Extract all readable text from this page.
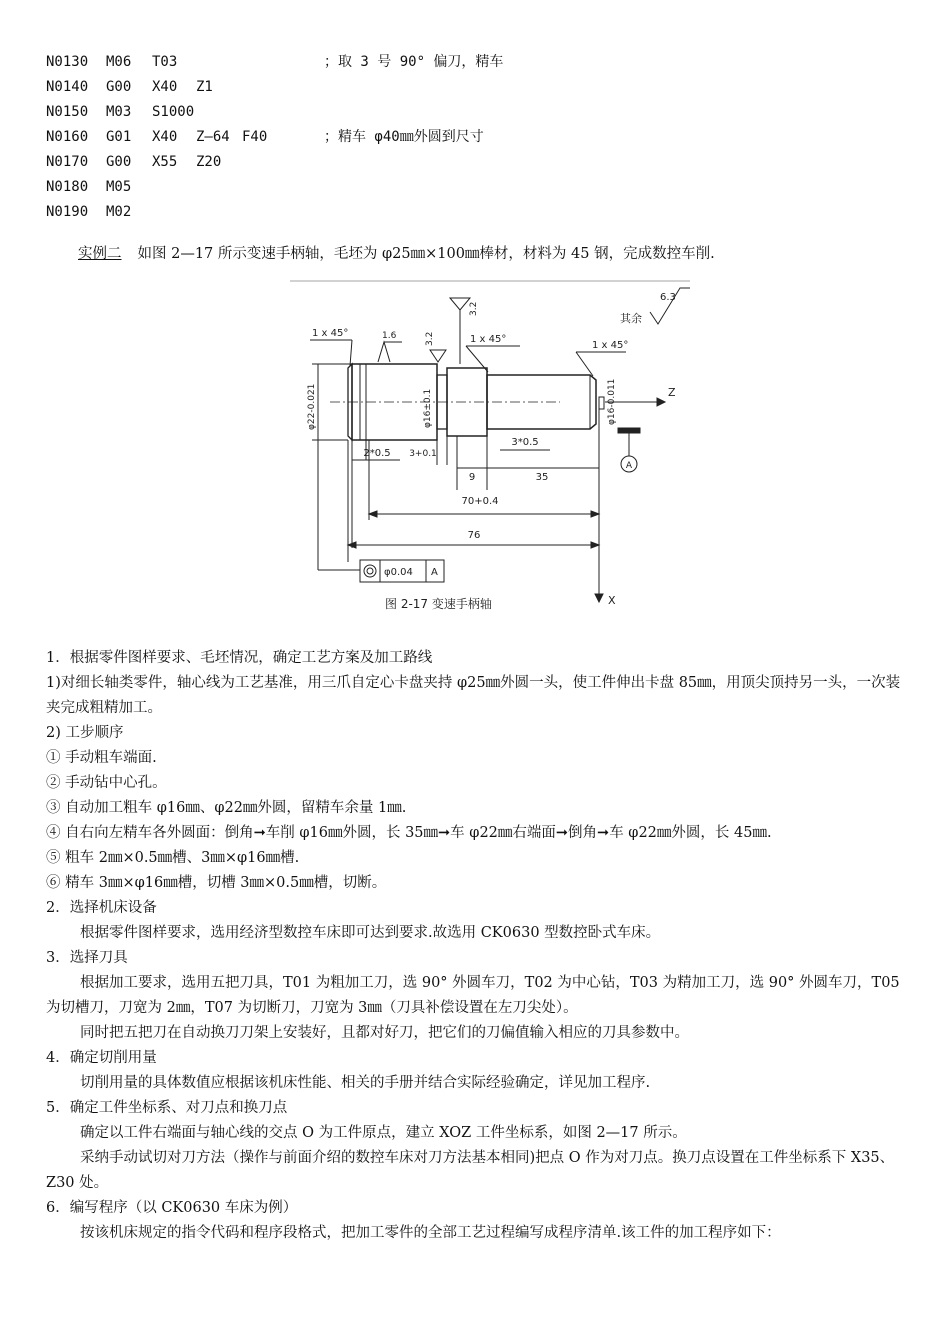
N0130 M06 T03	；取 3 号 90° 偏刀，精车
N0140 G00 X40 Z1
N0150 M03 S1000
N0160 G01 X40 Z—64 F40	；精车 φ40㎜外圆到尺寸
N0170 G00 X55 Z20
N0180 M05
N0190 M02
实例二 如图 2—17 所示变速手柄轴，毛坯为 φ25㎜×100㎜棒材，材料为 45 钢，完成数控车削.
A
Z
X
2*0.5 3+0.1
3*0.5
9	35
70+0.4
76
φ22-0.021	φ16±0.1	φ16-0.011
1 x 45°
1 x 45°
1 x 45°
1.6	3.2
3.2
6.3
其余
φ0.04 A
图 2-17 变速手柄轴

1．根据零件图样要求、毛坯情况，确定工艺方案及加工路线

1)对细长轴类零件，轴心线为工艺基准，用三爪自定心卡盘夹持 φ25㎜外圆一头，使工件伸出卡盘 85㎜，用顶尖顶持另一头，一次装夹完成粗精加工。

2) 工步顺序

① 手动粗车端面.

② 手动钻中心孔。

③ 自动加工粗车 φ16㎜、φ22㎜外圆，留精车余量 1㎜.

④ 自右向左精车各外圆面：倒角➞车削 φ16㎜外圆，长 35㎜➞车 φ22㎜右端面➞倒角➞车 φ22㎜外圆，长 45㎜.

⑤ 粗车 2㎜×0.5㎜槽、3㎜×φ16㎜槽.

⑥ 精车 3㎜×φ16㎜槽，切槽 3㎜×0.5㎜槽，切断。

2．选择机床设备

根据零件图样要求，选用经济型数控车床即可达到要求.故选用 CK0630 型数控卧式车床。

3．选择刀具

根据加工要求，选用五把刀具，T01 为粗加工刀，选 90° 外圆车刀，T02 为中心钻，T03 为精加工刀，选 90° 外圆车刀，T05 为切槽刀，刀宽为 2㎜，T07 为切断刀，刀宽为 3㎜（刀具补偿设置在左刀尖处）。

同时把五把刀在自动换刀刀架上安装好，且都对好刀，把它们的刀偏值输入相应的刀具参数中。

4．确定切削用量

切削用量的具体数值应根据该机床性能、相关的手册并结合实际经验确定，详见加工程序.

5．确定工件坐标系、对刀点和换刀点

确定以工件右端面与轴心线的交点 O 为工件原点，建立 XOZ 工件坐标系，如图 2—17 所示。

采纳手动试切对刀方法（操作与前面介绍的数控车床对刀方法基本相同)把点 O 作为对刀点。换刀点设置在工件坐标系下 X35、Z30 处。

6．编写程序（以 CK0630 车床为例）

按该机床规定的指令代码和程序段格式，把加工零件的全部工艺过程编写成程序清单.该工件的加工程序如下：
